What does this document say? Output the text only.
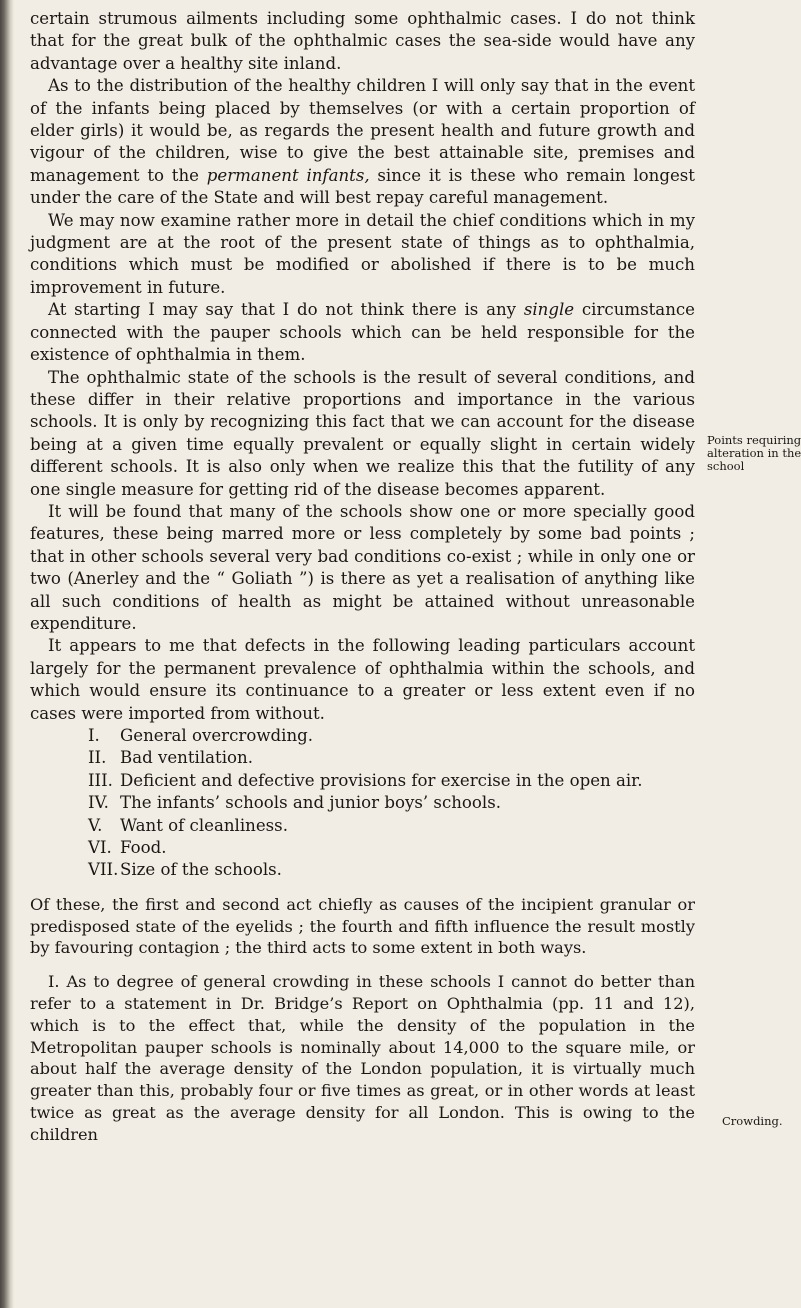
certain strumous ailments including some ophthalmic cases. I do not think that for the great bulk of the ophthalmic cases the sea-side would have any advantage over a healthy site inland.

As to the distribution of the healthy children I will only say that in the event of the infants being placed by themselves (or with a certain proportion of elder girls) it would be, as regards the present health and future growth and vigour of the children, wise to give the best attainable site, premises and management to the permanent infants, since it is these who remain longest under the care of the State and will best repay careful management.

We may now examine rather more in detail the chief conditions which in my judgment are at the root of the present state of things as to ophthalmia, conditions which must be modified or abolished if there is to be much improvement in future.

At starting I may say that I do not think there is any single circumstance connected with the pauper schools which can be held responsible for the existence of ophthalmia in them.

The ophthalmic state of the schools is the result of several conditions, and these differ in their relative proportions and importance in the various schools. It is only by recognizing this fact that we can account for the disease being at a given time equally prevalent or equally slight in certain widely different schools. It is also only when we realize this that the futility of any one single measure for getting rid of the disease becomes apparent.

It will be found that many of the schools show one or more specially good features, these being marred more or less completely by some bad points ; that in other schools several very bad conditions co-exist ; while in only one or two (Anerley and the “ Goliath ”) is there as yet a realisation of anything like all such conditions of health as might be attained without unreasonable expenditure.

It appears to me that defects in the following leading particulars account largely for the permanent prevalence of ophthalmia within the schools, and which would ensure its continuance to a greater or less extent even if no cases were imported from without.

I.	General overcrowding.
II. Bad ventilation.
III. Deficient and defective provisions for exercise in the open air.
IV. The infants’ schools and junior boys’ schools.
V.	Want of cleanliness.
VI. Food.
VII. Size of the schools.

Of these, the first and second act chiefly as causes of the incipient granular or predisposed state of the eyelids ; the fourth and fifth influence the result mostly by favouring contagion ; the third acts to some extent in both ways.

I. As to degree of general crowding in these schools I cannot do better than refer to a statement in Dr. Bridge’s Report on Ophthalmia (pp. 11 and 12), which is to the effect that, while the density of the population in the Metropolitan pauper schools is nominally about 14,000 to the square mile, or about half the average density of the London population, it is virtually much greater than this, probably four or five times as great, or in other words at least twice as great as the average density for all London. This is owing to the children

Points requiring alteration in the school
Crowding.
